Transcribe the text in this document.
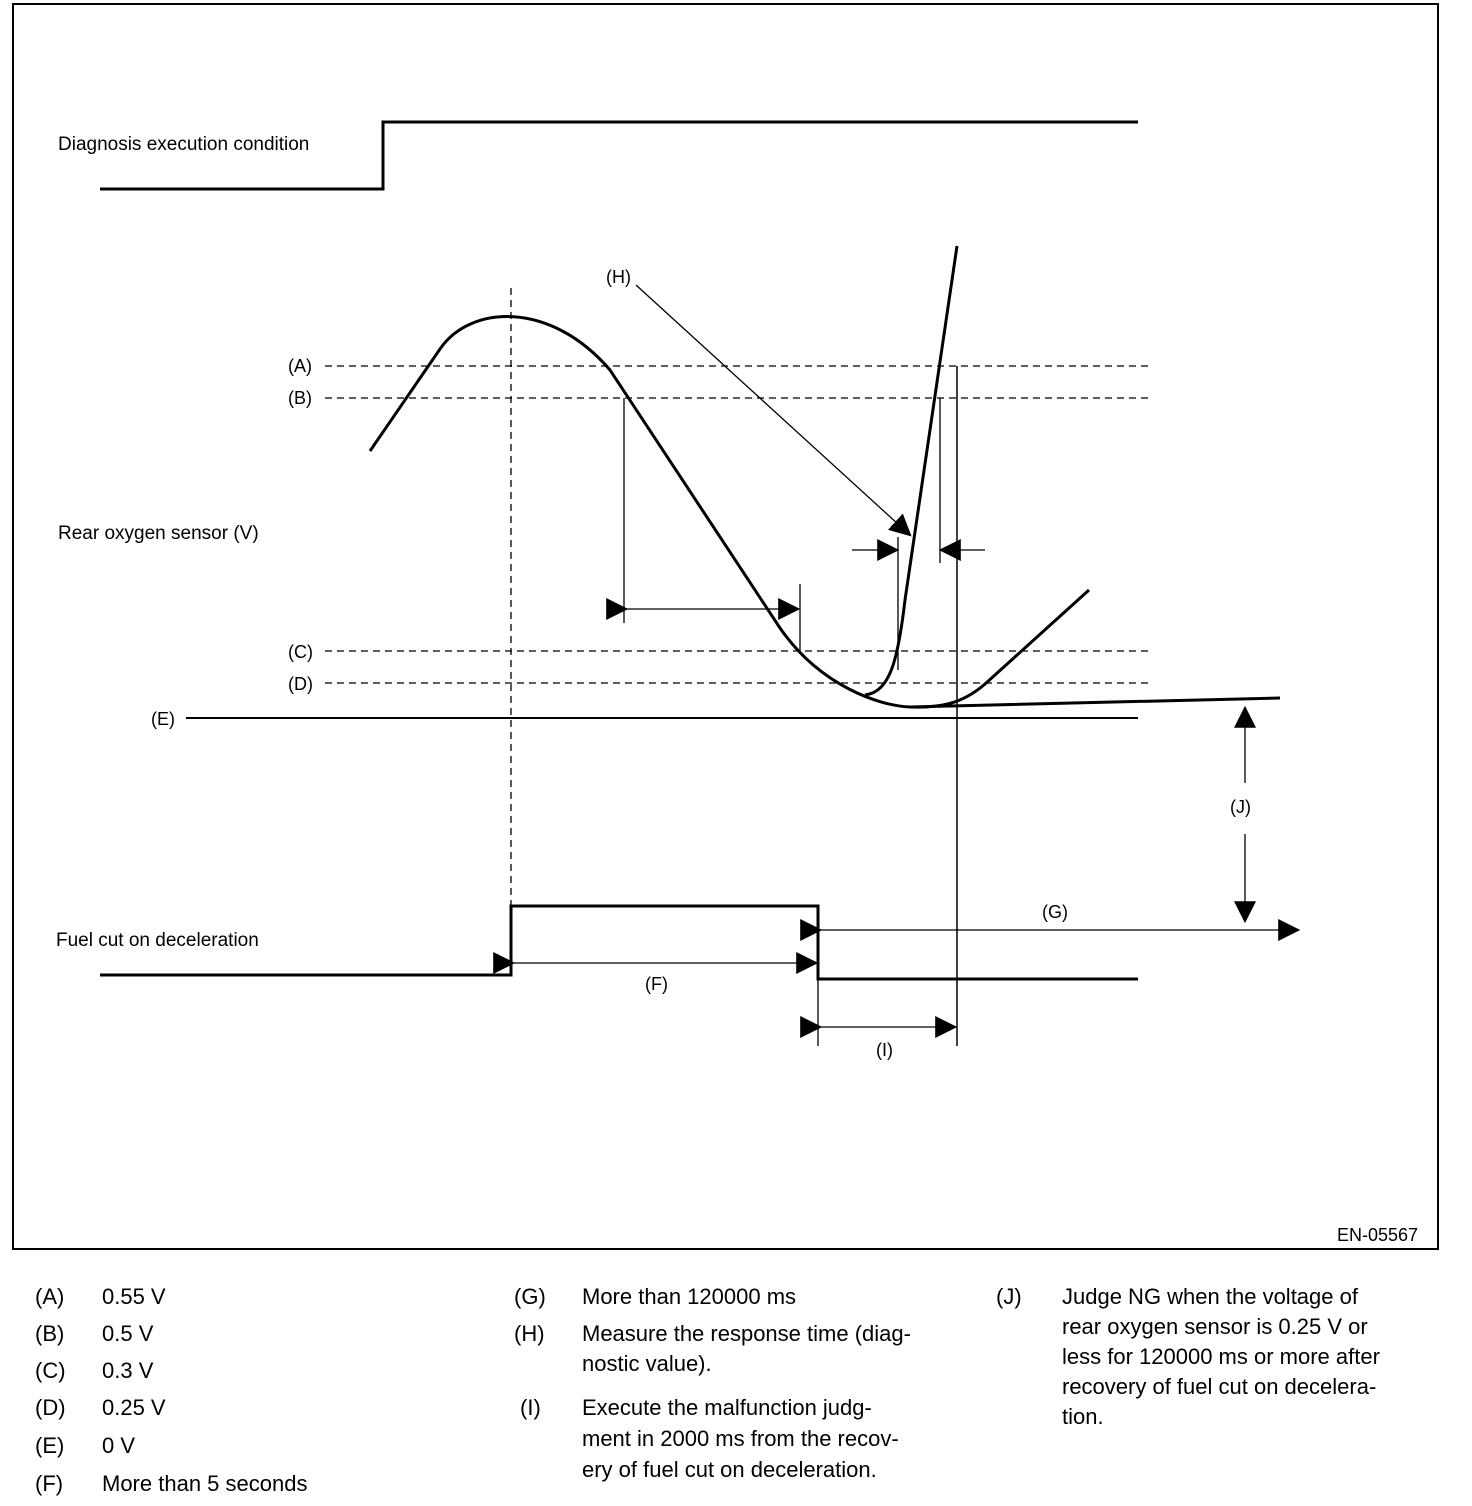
Diagnosis execution condition
(A)
(B)
(C)
(D)
(E)
Rear oxygen sensor (V)
(H)
(J)
Fuel cut on deceleration
(F)
(G)
(I)
EN-05567
(A) 0.55 V
(B) 0.5 V
(C) 0.3 V
(D) 0.25 V
(E) 0 V
(F) More than 5 seconds
(G) More than 120000 ms
(H) Measure the response time (diag-
nostic value).
(I) Execute the malfunction judg-
ment in 2000 ms from the recov-
ery of fuel cut on deceleration.
(J) Judge NG when the voltage of
rear oxygen sensor is 0.25 V or
less for 120000 ms or more after
recovery of fuel cut on decelera-
tion.
